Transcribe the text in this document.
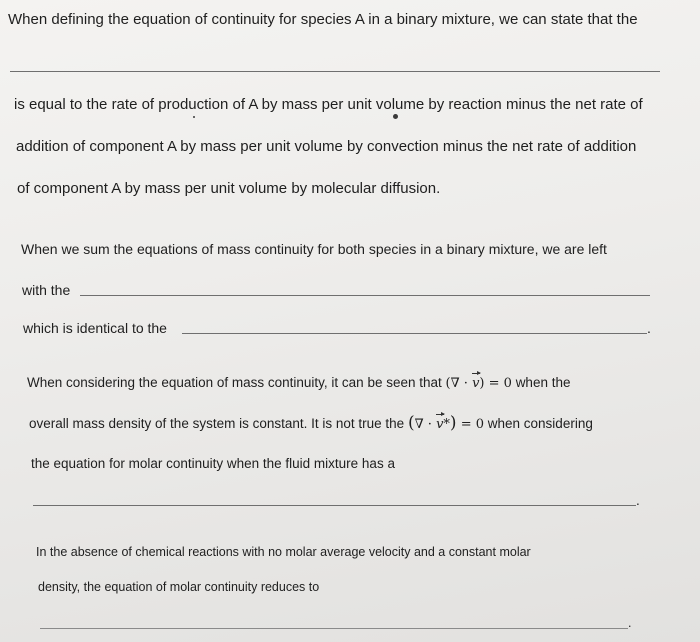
When defining the equation of continuity for species A in a binary mixture, we can state that the

is equal to the rate of production of A by mass per unit volume by reaction minus the net rate of

addition of component A by mass per unit volume by convection minus the net rate of addition

of component A by mass per unit volume by molecular diffusion.

When we sum the equations of mass continuity for both species in a binary mixture, we are left

with the

which is identical to the	.

When considering the equation of mass continuity, it can be seen that (∇ · v) = 0 when the

overall mass density of the system is constant. It is not true the (∇ · v*) = 0 when considering

the equation for molar continuity when the fluid mixture has a

.

In the absence of chemical reactions with no molar average velocity and a constant molar

density, the equation of molar continuity reduces to

.
